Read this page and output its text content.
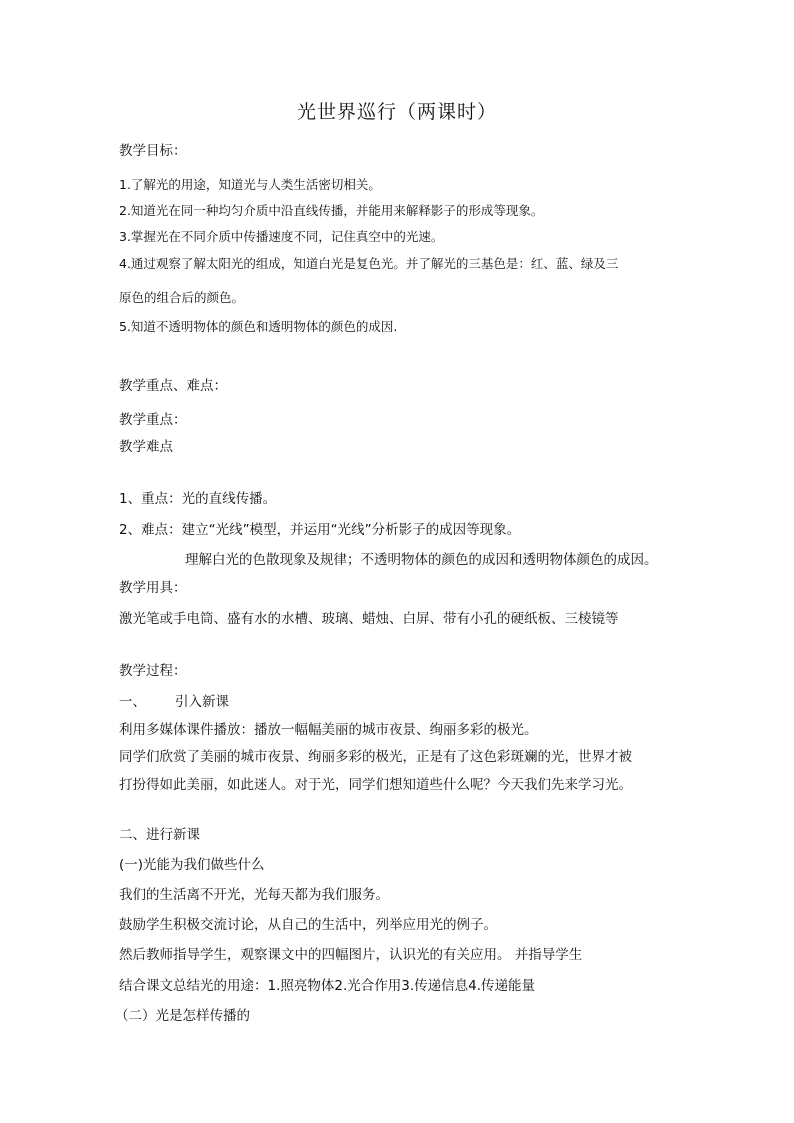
光世界巡行（两课时）
教学目标：
1.了解光的用途，知道光与人类生活密切相关。
2.知道光在同一种均匀介质中沿直线传播，并能用来解释影子的形成等现象。
3.掌握光在不同介质中传播速度不同，记住真空中的光速。
4.通过观察了解太阳光的组成，知道白光是复色光。并了解光的三基色是：红、蓝、绿及三
原色的组合后的颜色。
5.知道不透明物体的颜色和透明物体的颜色的成因.
教学重点、难点：
教学重点：
教学难点
1、重点：光的直线传播。
2、难点：建立“光线”模型，并运用“光线”分析影子的成因等现象。
理解白光的色散现象及规律；不透明物体的颜色的成因和透明物体颜色的成因。
教学用具：
激光笔或手电筒、盛有水的水槽、玻璃、蜡烛、白屏、带有小孔的硬纸板、三棱镜等
教学过程：
一、 引入新课
利用多媒体课件播放：播放一幅幅美丽的城市夜景、绚丽多彩的极光。
同学们欣赏了美丽的城市夜景、绚丽多彩的极光，正是有了这色彩斑斓的光，世界才被
打扮得如此美丽，如此迷人。对于光，同学们想知道些什么呢？今天我们先来学习光。
二、进行新课
(一)光能为我们做些什么
我们的生活离不开光，光每天都为我们服务。
鼓励学生积极交流讨论，从自己的生活中，列举应用光的例子。
然后教师指导学生，观察课文中的四幅图片，认识光的有关应用。 并指导学生
结合课文总结光的用途：1.照亮物体2.光合作用3.传递信息4.传递能量
（二）光是怎样传播的
